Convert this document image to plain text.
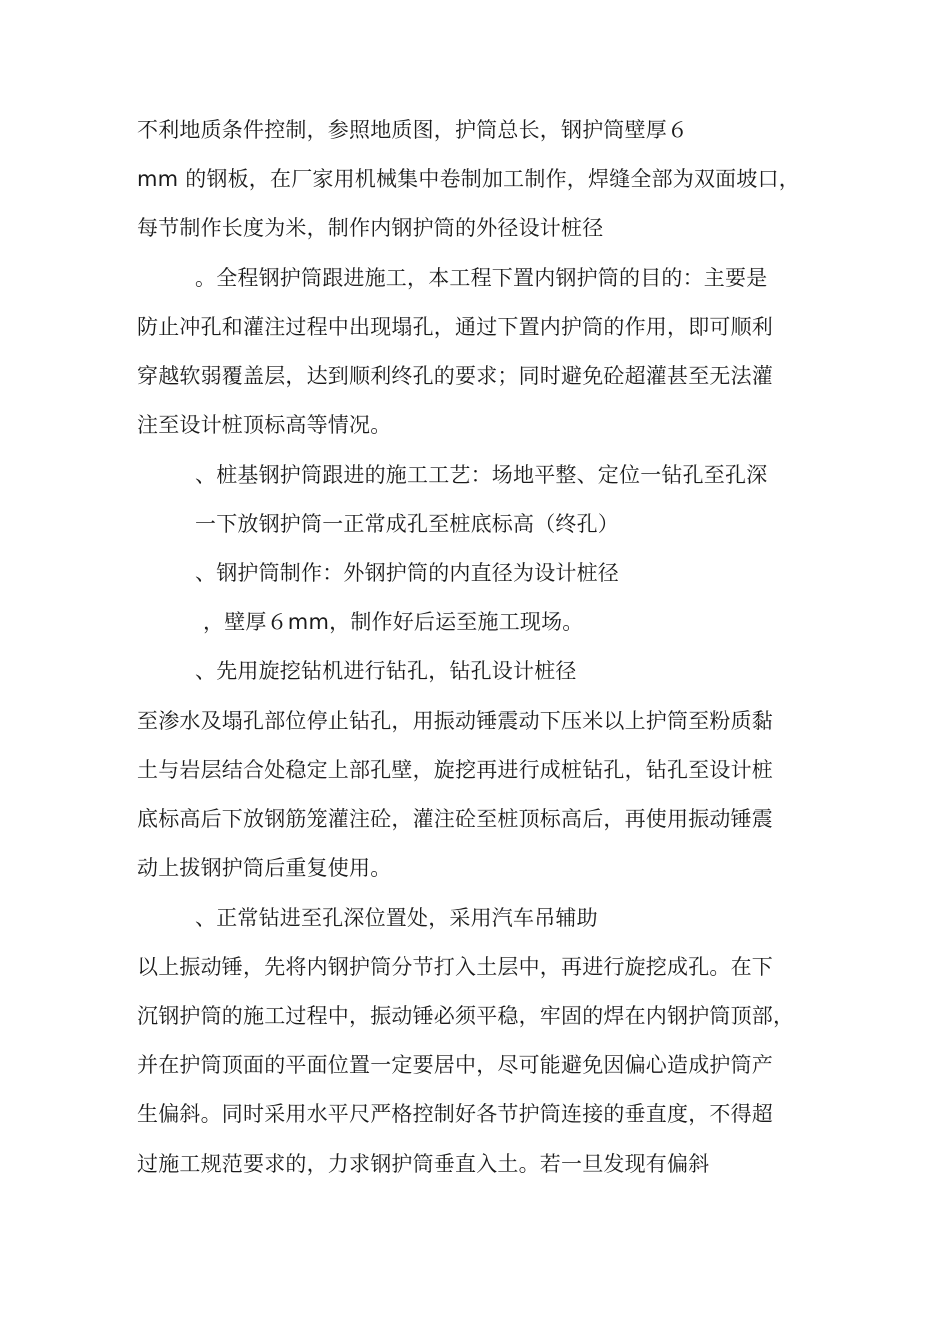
不利地质条件控制，参照地质图，护筒总长，钢护筒壁厚６
mm 的钢板，在厂家用机械集中卷制加工制作，焊缝全部为双面坡口，
每节制作长度为米，制作内钢护筒的外径设计桩径
。全程钢护筒跟进施工，本工程下置内钢护筒的目的：主要是
防止冲孔和灌注过程中出现塌孔，通过下置内护筒的作用，即可顺利
穿越软弱覆盖层，达到顺利终孔的要求；同时避免砼超灌甚至无法灌
注至设计桩顶标高等情况。
、桩基钢护筒跟进的施工工艺：场地平整、定位一钻孔至孔深
一下放钢护筒一正常成孔至桩底标高（终孔）
、钢护筒制作：外钢护筒的内直径为设计桩径
，壁厚６mm，制作好后运至施工现场。
、先用旋挖钻机进行钻孔，钻孔设计桩径
至渗水及塌孔部位停止钻孔，用振动锤震动下压米以上护筒至粉质黏
土与岩层结合处稳定上部孔壁，旋挖再进行成桩钻孔，钻孔至设计桩
底标高后下放钢筋笼灌注砼，灌注砼至桩顶标高后，再使用振动锤震
动上拔钢护筒后重复使用。
、正常钻进至孔深位置处，采用汽车吊辅助
以上振动锤，先将内钢护筒分节打入土层中，再进行旋挖成孔。在下
沉钢护筒的施工过程中，振动锤必须平稳，牢固的焊在内钢护筒顶部，
并在护筒顶面的平面位置一定要居中，尽可能避免因偏心造成护筒产
生偏斜。同时采用水平尺严格控制好各节护筒连接的垂直度，不得超
过施工规范要求的，力求钢护筒垂直入土。若一旦发现有偏斜
